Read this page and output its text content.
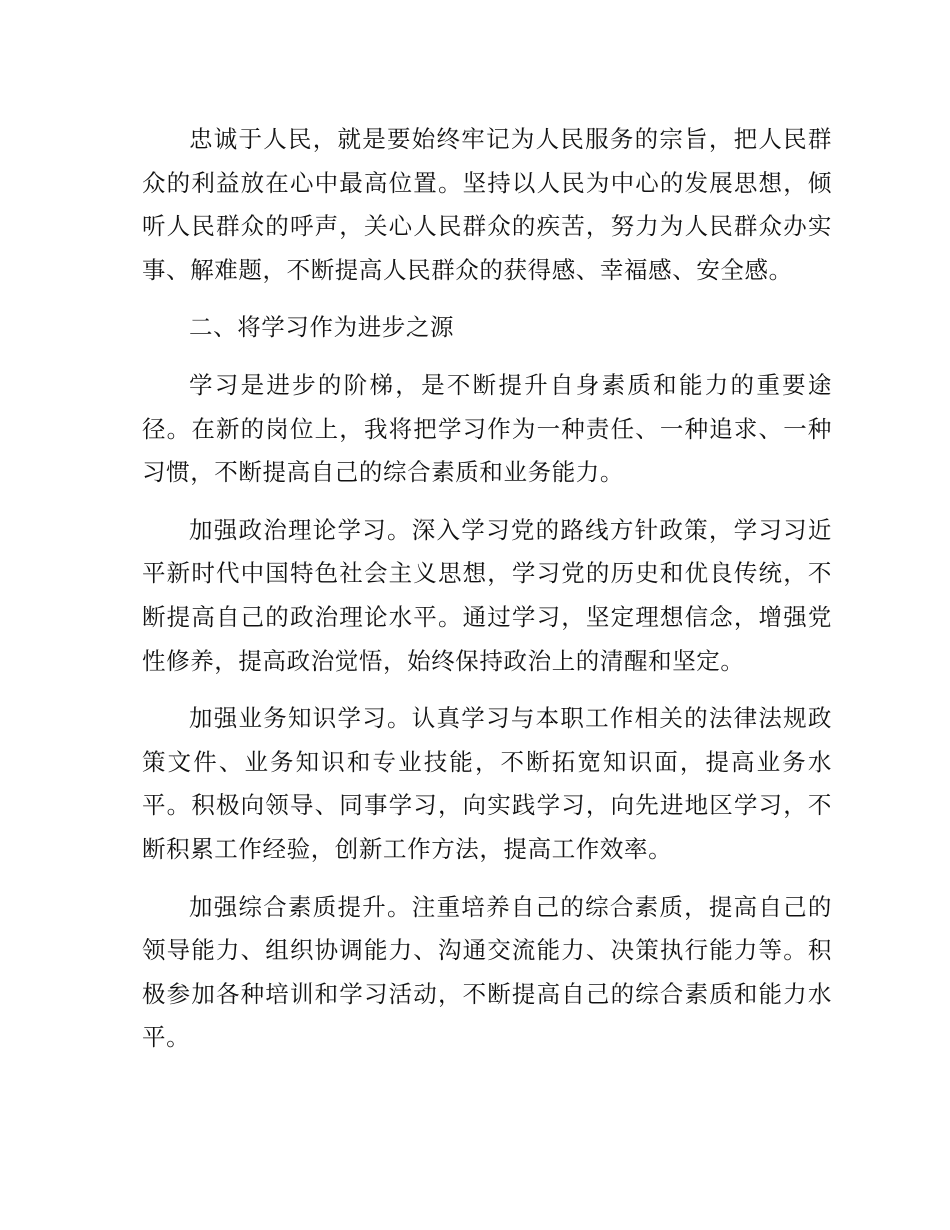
忠诚于人民，就是要始终牢记为人民服务的宗旨，把人民群众的利益放在心中最高位置。坚持以人民为中心的发展思想，倾听人民群众的呼声，关心人民群众的疾苦，努力为人民群众办实事、解难题，不断提高人民群众的获得感、幸福感、安全感。

二、将学习作为进步之源

学习是进步的阶梯，是不断提升自身素质和能力的重要途径。在新的岗位上，我将把学习作为一种责任、一种追求、一种习惯，不断提高自己的综合素质和业务能力。

加强政治理论学习。深入学习党的路线方针政策，学习习近平新时代中国特色社会主义思想，学习党的历史和优良传统，不断提高自己的政治理论水平。通过学习，坚定理想信念，增强党性修养，提高政治觉悟，始终保持政治上的清醒和坚定。

加强业务知识学习。认真学习与本职工作相关的法律法规政策文件、业务知识和专业技能，不断拓宽知识面，提高业务水平。积极向领导、同事学习，向实践学习，向先进地区学习，不断积累工作经验，创新工作方法，提高工作效率。

加强综合素质提升。注重培养自己的综合素质，提高自己的领导能力、组织协调能力、沟通交流能力、决策执行能力等。积极参加各种培训和学习活动，不断提高自己的综合素质和能力水平。
